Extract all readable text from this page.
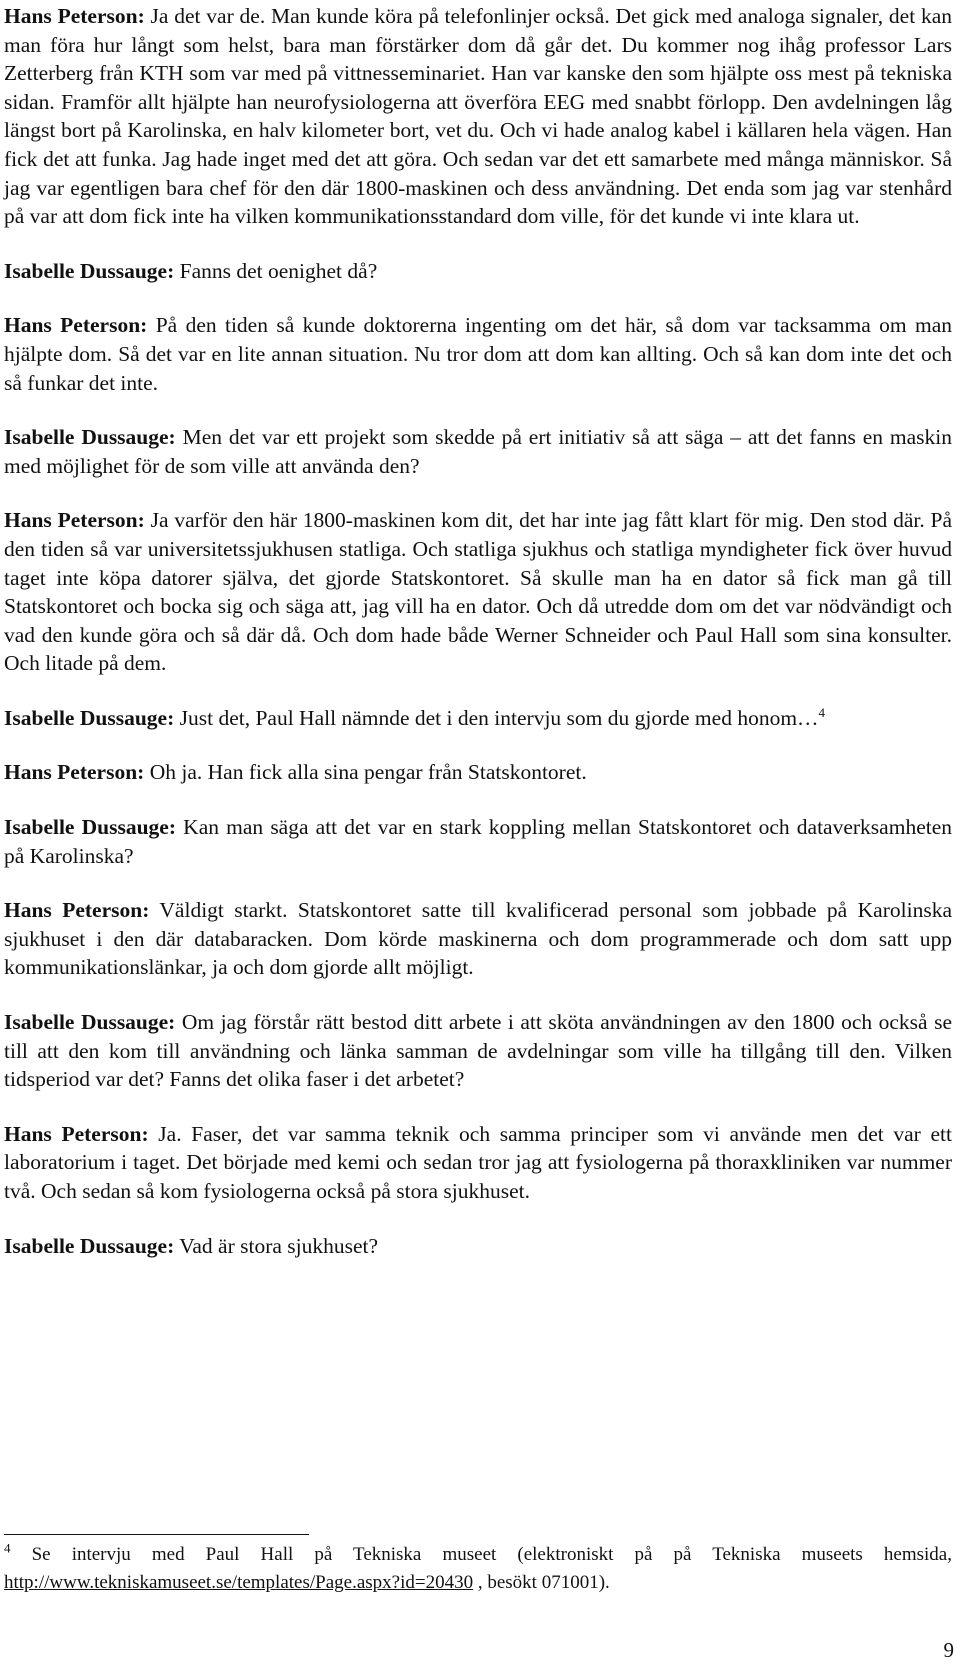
Hans Peterson: Ja det var de. Man kunde köra på telefonlinjer också. Det gick med analoga signaler, det kan man föra hur långt som helst, bara man förstärker dom då går det. Du kommer nog ihåg professor Lars Zetterberg från KTH som var med på vittnesseminariet. Han var kanske den som hjälpte oss mest på tekniska sidan. Framför allt hjälpte han neurofysiologerna att överföra EEG med snabbt förlopp. Den avdelningen låg längst bort på Karolinska, en halv kilometer bort, vet du. Och vi hade analog kabel i källaren hela vägen. Han fick det att funka. Jag hade inget med det att göra. Och sedan var det ett samarbete med många människor. Så jag var egentligen bara chef för den där 1800-maskinen och dess användning. Det enda som jag var stenhård på var att dom fick inte ha vilken kommunikationsstandard dom ville, för det kunde vi inte klara ut.

Isabelle Dussauge: Fanns det oenighet då?

Hans Peterson: På den tiden så kunde doktorerna ingenting om det här, så dom var tacksamma om man hjälpte dom. Så det var en lite annan situation. Nu tror dom att dom kan allting. Och så kan dom inte det och så funkar det inte.

Isabelle Dussauge: Men det var ett projekt som skedde på ert initiativ så att säga – att det fanns en maskin med möjlighet för de som ville att använda den?

Hans Peterson: Ja varför den här 1800-maskinen kom dit, det har inte jag fått klart för mig. Den stod där. På den tiden så var universitetssjukhusen statliga. Och statliga sjukhus och statliga myndigheter fick över huvud taget inte köpa datorer själva, det gjorde Statskontoret. Så skulle man ha en dator så fick man gå till Statskontoret och bocka sig och säga att, jag vill ha en dator. Och då utredde dom om det var nödvändigt och vad den kunde göra och så där då. Och dom hade både Werner Schneider och Paul Hall som sina konsulter. Och litade på dem.

Isabelle Dussauge: Just det, Paul Hall nämnde det i den intervju som du gjorde med honom…$^4$

Hans Peterson: Oh ja. Han fick alla sina pengar från Statskontoret.

Isabelle Dussauge: Kan man säga att det var en stark koppling mellan Statskontoret och dataverksamheten på Karolinska?

Hans Peterson: Väldigt starkt. Statskontoret satte till kvalificerad personal som jobbade på Karolinska sjukhuset i den där databaracken. Dom körde maskinerna och dom programmerade och dom satt upp kommunikationslänkar, ja och dom gjorde allt möjligt.

Isabelle Dussauge: Om jag förstår rätt bestod ditt arbete i att sköta användningen av den 1800 och också se till att den kom till användning och länka samman de avdelningar som ville ha tillgång till den. Vilken tidsperiod var det? Fanns det olika faser i det arbetet?

Hans Peterson: Ja. Faser, det var samma teknik och samma principer som vi använde men det var ett laboratorium i taget. Det började med kemi och sedan tror jag att fysiologerna på thoraxkliniken var nummer två. Och sedan så kom fysiologerna också på stora sjukhuset.

Isabelle Dussauge: Vad är stora sjukhuset?

$^4$ Se intervju med Paul Hall på Tekniska museet (elektroniskt på på Tekniska museets hemsida, http://www.tekniskamuseet.se/templates/Page.aspx?id=20430 , besökt 071001).
9
